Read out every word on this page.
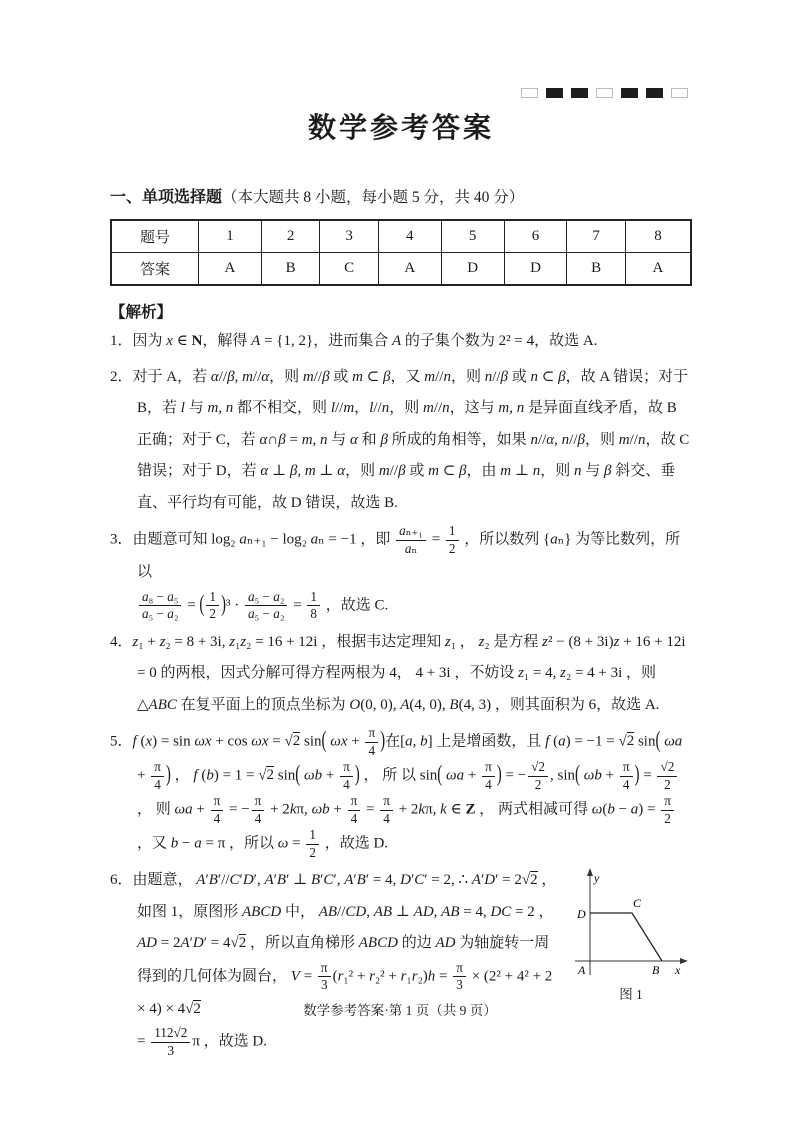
数学参考答案
一、单项选择题（本大题共 8 小题，每小题 5 分，共 40 分）
题号	1	2	3	4	5	6	7	8
答案	A	B	C	A	D	D	B	A
【解析】
1．因为 x ∈ N，解得 A = {1, 2}，进而集合 A 的子集个数为 2² = 4，故选 A.
2．对于 A，若 α//β, m//α，则 m//β 或 m ⊂ β，又 m//n，则 n//β 或 n ⊂ β，故 A 错误；对于 B，若 l 与 m, n 都不相交，则 l//m，l//n，则 m//n，这与 m, n 是异面直线矛盾，故 B 正确；对于 C，若 α∩β = m, n 与 α 和 β 所成的角相等，如果 n//α, n//β，则 m//n，故 C 错误；对于 D，若 α ⊥ β, m ⊥ α，则 m//β 或 m ⊂ β，由 m ⊥ n，则 n 与 β 斜交、垂直、平行均有可能，故 D 错误，故选 B.
3．由题意可知 log₂ aₙ₊₁ − log₂ aₙ = −1 ，即 $\frac{\text{aₙ₊₁}}{\text{aₙ}} = \frac{1}{2}$ ，所以数列 {aₙ} 为等比数列，所以
$\frac{\text{a₈ − a₅}}{\text{a₅ − a₂}}$ = ( $\frac{1}{2} )^3 \cdot \frac{\text{a₅ − a₂}}{\text{a₅ − a₂}} = \frac{1}{8}$ ，故选 C.
4．z₁ + z₂ = 8 + 3i, z₁z₂ = 16 + 12i ，根据韦达定理知 z₁ ， z₂ 是方程 z² − (8 + 3i)z + 16 + 12i = 0 的两根，因式分解可得方程两根为 4， 4 + 3i ，不妨设 z₁ = 4, z₂ = 4 + 3i ，则 △ABC 在复平面上的顶点坐标为 O(0, 0), A(4, 0), B(4, 3) ，则其面积为 6，故选 A.
5．f (x) = sin ωx + cos ωx = √2 sin( $\omega x + \frac{\pi}{4}$ )在[a, b] 上是增函数，且 f (a) = −1 = √2 sin( $\omega a + \frac{\pi}{4}$ ) ， f (b) = 1 = √2 sin( $\omega b + \frac{\pi}{4}$ ) ， 所 以 sin( $\omega a + \frac{\pi}{4}$ ) = − $\frac{√2}{2}$ , sin( $\omega b + \frac{\pi}{4}$ ) = $\frac{√2}{2}$
， 则 $\omega a + \frac{\pi}{4}$ = − $\frac{\pi}{4} + 2k\pi$, $\omega b + \frac{\pi}{4} = \frac{\pi}{4} + 2k\pi$, k ∈ Z ， 两式相减可得 $\omega(b - a) = \frac{\pi}{2}$
，又 b − a = π ，所以 $\omega = \frac{1}{2}$ ，故选 D.
y
x
D
C
A	B
图 1
6．由题意， A′B′//C′D′, A′B′ ⊥ B′C′, A′B′ = 4, D′C′ = 2, ∴ A′D′ = 2√2 ，如图 1，原图形 ABCD 中， AB//CD, AB ⊥ AD, AB = 4, DC = 2 ，AD = 2A′D′ = 4√2 ，所以直角梯形 ABCD 的边 AD 为轴旋转一周得到的几何体为圆台， $V = \frac{\pi}{3} (r_1^2 + r_2^2 + r_1r_2)h = \frac{\pi}{3} \times (2^2 + 4^2 + 2 \times 4) \times 4√2$
= $\frac{112√2}{3}$ π ，故选 D.
数学参考答案·第 1 页（共 9 页）
